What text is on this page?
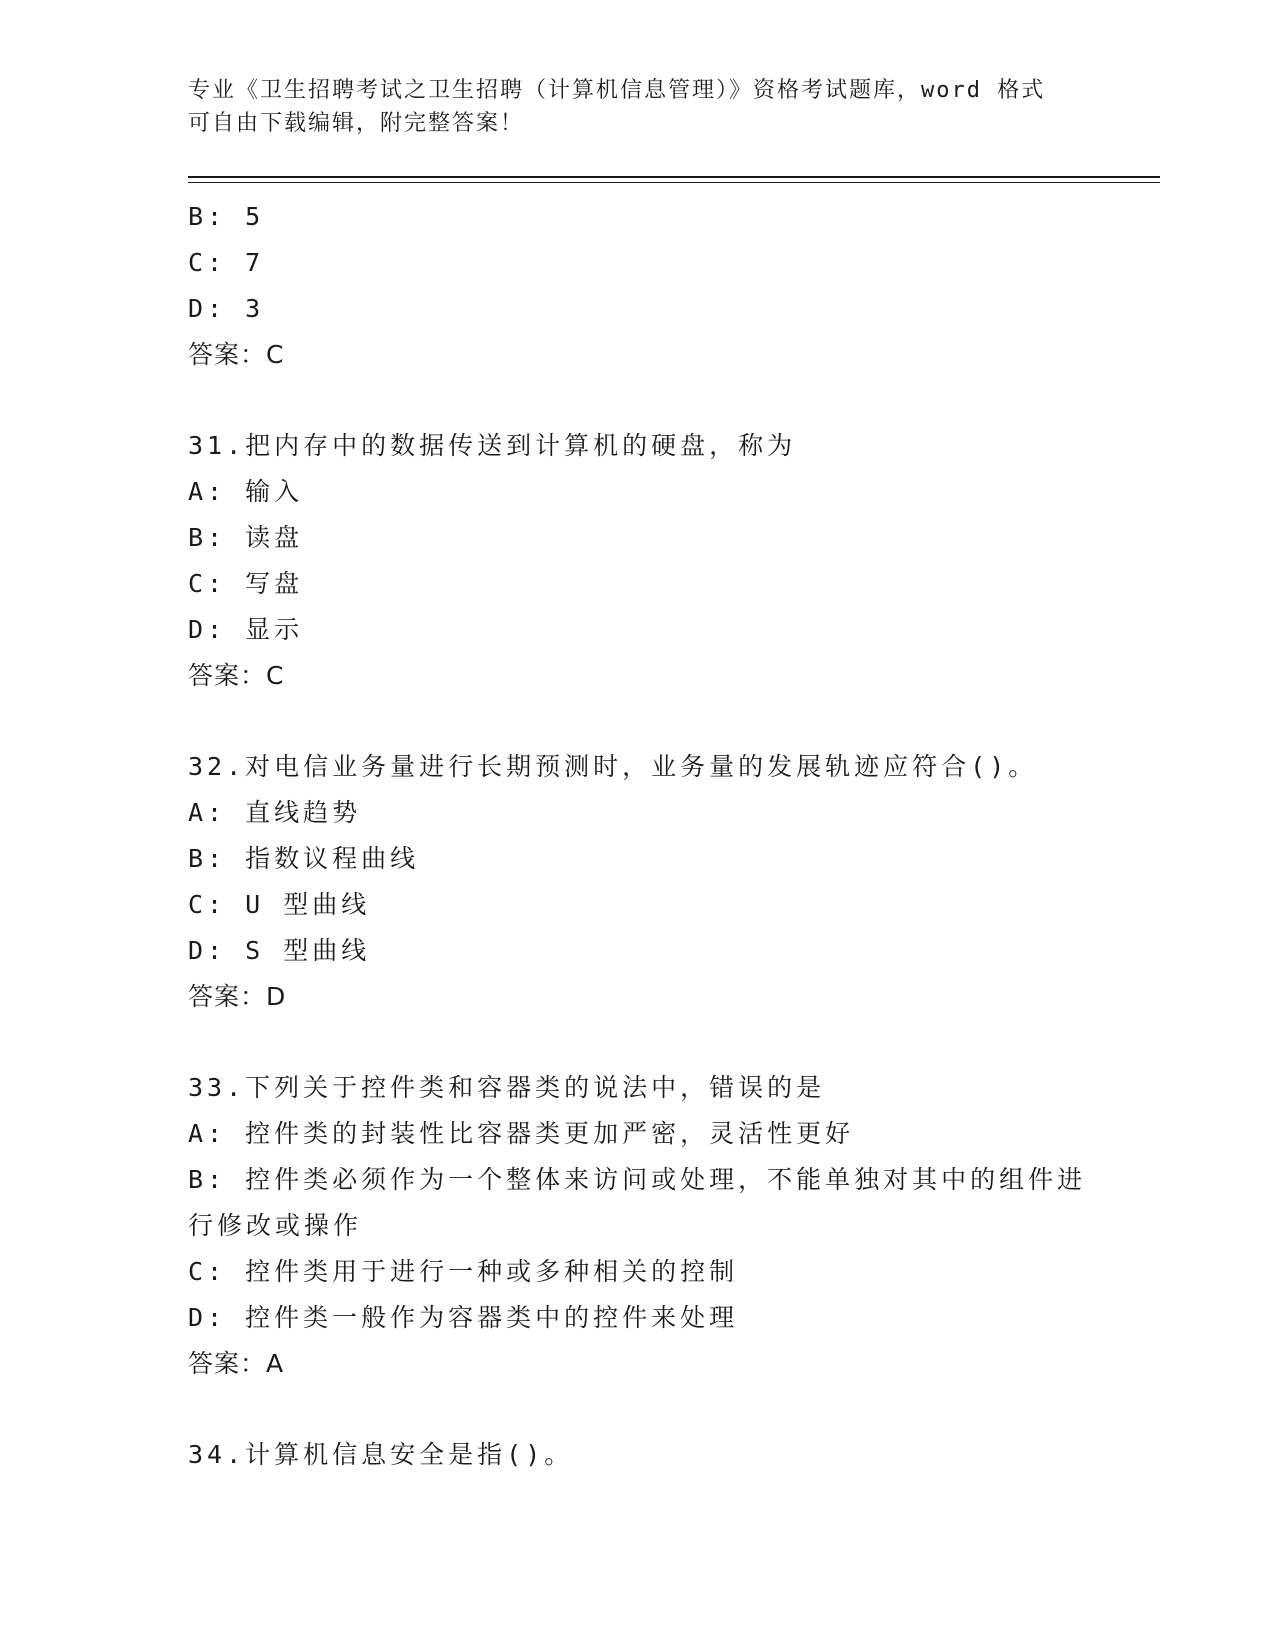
专业《卫生招聘考试之卫生招聘（计算机信息管理）》资格考试题库，word 格式
可自由下载编辑，附完整答案！
B: 5
C: 7
D: 3
答案：C
31.把内存中的数据传送到计算机的硬盘，称为
A: 输入
B: 读盘
C: 写盘
D: 显示
答案：C
32.对电信业务量进行长期预测时，业务量的发展轨迹应符合()。
A: 直线趋势
B: 指数议程曲线
C: U 型曲线
D: S 型曲线
答案：D
33.下列关于控件类和容器类的说法中，错误的是
A: 控件类的封装性比容器类更加严密，灵活性更好
B: 控件类必须作为一个整体来访问或处理，不能单独对其中的组件进
行修改或操作
C: 控件类用于进行一种或多种相关的控制
D: 控件类一般作为容器类中的控件来处理
答案：A
34.计算机信息安全是指()。
